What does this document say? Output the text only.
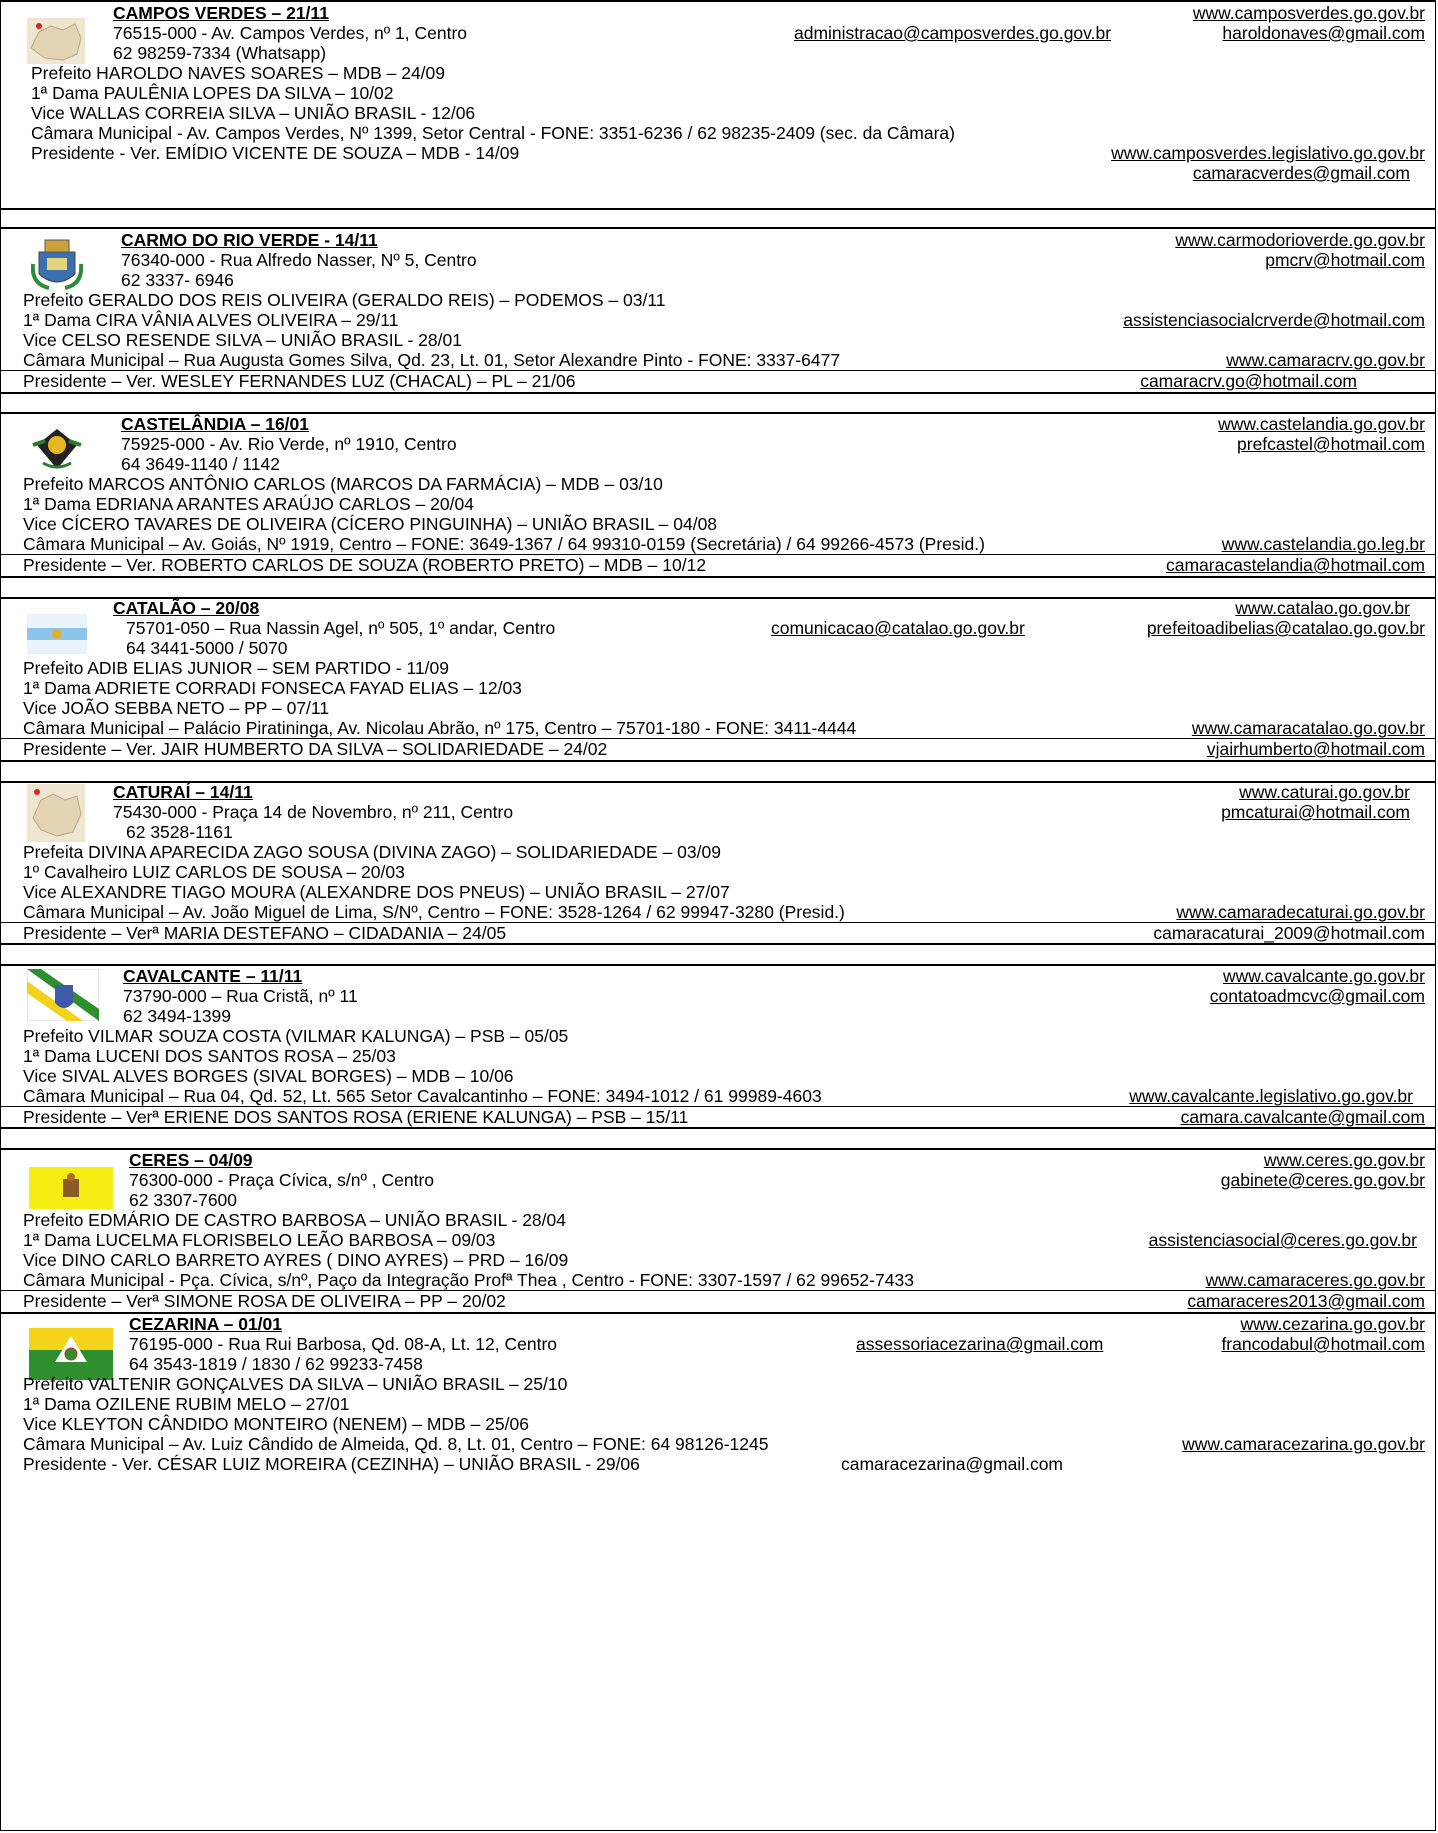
CAMPOS VERDES – 21/11	www.camposverdes.go.gov.br
76515-000 - Av. Campos Verdes, nº 1, Centro	administracao@camposverdes.go.gov.br	haroldonaves@gmail.com
62 98259-7334 (Whatsapp)
Prefeito HAROLDO NAVES SOARES – MDB – 24/09
1ª Dama PAULÊNIA LOPES DA SILVA – 10/02
Vice WALLAS CORREIA SILVA – UNIÃO BRASIL - 12/06
Câmara Municipal - Av. Campos Verdes, Nº 1399, Setor Central - FONE: 3351-6236 / 62 98235-2409 (sec. da Câmara)
Presidente - Ver. EMÍDIO VICENTE DE SOUZA – MDB - 14/09	www.camposverdes.legislativo.go.gov.br
camaracverdes@gmail.com
CARMO DO RIO VERDE - 14/11	www.carmodorioverde.go.gov.br
76340-000 - Rua Alfredo Nasser, Nº 5, Centro	pmcrv@hotmail.com
62 3337- 6946
Prefeito GERALDO DOS REIS OLIVEIRA (GERALDO REIS) – PODEMOS – 03/11
1ª Dama CIRA VÂNIA ALVES OLIVEIRA – 29/11	assistenciasocialcrverde@hotmail.com
Vice CELSO RESENDE SILVA – UNIÃO BRASIL - 28/01
Câmara Municipal – Rua Augusta Gomes Silva, Qd. 23, Lt. 01, Setor Alexandre Pinto - FONE: 3337-6477	www.camaracrv.go.gov.br
Presidente – Ver. WESLEY FERNANDES LUZ (CHACAL) – PL – 21/06	camaracrv.go@hotmail.com
CASTELÂNDIA – 16/01	www.castelandia.go.gov.br
75925-000 - Av. Rio Verde, nº 1910, Centro	prefcastel@hotmail.com
64 3649-1140 / 1142
Prefeito MARCOS ANTÔNIO CARLOS (MARCOS DA FARMÁCIA) – MDB – 03/10
1ª Dama EDRIANA ARANTES ARAÚJO CARLOS – 20/04
Vice CÍCERO TAVARES DE OLIVEIRA (CÍCERO PINGUINHA) – UNIÃO BRASIL – 04/08
Câmara Municipal – Av. Goiás, Nº 1919, Centro – FONE: 3649-1367 / 64 99310-0159 (Secretária) / 64 99266-4573 (Presid.)	www.castelandia.go.leg.br
Presidente – Ver. ROBERTO CARLOS DE SOUZA (ROBERTO PRETO) – MDB – 10/12	camaracastelandia@hotmail.com
CATALÃO – 20/08	www.catalao.go.gov.br
75701-050 – Rua Nassin Agel, nº 505, 1º andar, Centro	comunicacao@catalao.go.gov.br	prefeitoadibelias@catalao.go.gov.br
64 3441-5000 / 5070
Prefeito ADIB ELIAS JUNIOR – SEM PARTIDO - 11/09
1ª Dama ADRIETE CORRADI FONSECA FAYAD ELIAS – 12/03
Vice JOÃO SEBBA NETO – PP – 07/11
Câmara Municipal – Palácio Piratininga, Av. Nicolau Abrão, nº 175, Centro – 75701-180 - FONE: 3411-4444	www.camaracatalao.go.gov.br
Presidente – Ver. JAIR HUMBERTO DA SILVA – SOLIDARIEDADE – 24/02	vjairhumberto@hotmail.com
CATURAÍ – 14/11	www.caturai.go.gov.br
75430-000 - Praça 14 de Novembro, nº 211, Centro	pmcaturai@hotmail.com
62 3528-1161
Prefeita DIVINA APARECIDA ZAGO SOUSA (DIVINA ZAGO) – SOLIDARIEDADE – 03/09
1º Cavalheiro LUIZ CARLOS DE SOUSA – 20/03
Vice ALEXANDRE TIAGO MOURA (ALEXANDRE DOS PNEUS) – UNIÃO BRASIL – 27/07
Câmara Municipal – Av. João Miguel de Lima, S/Nº, Centro – FONE: 3528-1264 / 62 99947-3280 (Presid.)	www.camaradecaturai.go.gov.br
Presidente – Verª MARIA DESTEFANO – CIDADANIA – 24/05	camaracaturai_2009@hotmail.com
CAVALCANTE – 11/11	www.cavalcante.go.gov.br
73790-000 – Rua Cristã, nº 11	contatoadmcvc@gmail.com
62 3494-1399
Prefeito VILMAR SOUZA COSTA (VILMAR KALUNGA) – PSB – 05/05
1ª Dama LUCENI DOS SANTOS ROSA – 25/03
Vice SIVAL ALVES BORGES (SIVAL BORGES) – MDB – 10/06
Câmara Municipal – Rua 04, Qd. 52, Lt. 565 Setor Cavalcantinho – FONE: 3494-1012 / 61 99989-4603	www.cavalcante.legislativo.go.gov.br
Presidente – Verª ERIENE DOS SANTOS ROSA (ERIENE KALUNGA) – PSB – 15/11	camara.cavalcante@gmail.com
CERES – 04/09	www.ceres.go.gov.br
76300-000 - Praça Cívica, s/nº , Centro	gabinete@ceres.go.gov.br
62 3307-7600
Prefeito EDMÁRIO DE CASTRO BARBOSA – UNIÃO BRASIL - 28/04
1ª Dama LUCELMA FLORISBELO LEÃO BARBOSA – 09/03	assistenciasocial@ceres.go.gov.br
Vice DINO CARLO BARRETO AYRES ( DINO AYRES) – PRD – 16/09
Câmara Municipal - Pça. Cívica, s/nº, Paço da Integração Profª Thea , Centro - FONE: 3307-1597 / 62 99652-7433	www.camaraceres.go.gov.br
Presidente – Verª SIMONE ROSA DE OLIVEIRA – PP – 20/02	camaraceres2013@gmail.com
CEZARINA – 01/01	www.cezarina.go.gov.br
76195-000 - Rua Rui Barbosa, Qd. 08-A, Lt. 12, Centro	assessoriacezarina@gmail.com	francodabul@hotmail.com
64 3543-1819 / 1830 / 62 99233-7458
Prefeito VALTENIR GONÇALVES DA SILVA – UNIÃO BRASIL – 25/10
1ª Dama OZILENE RUBIM MELO – 27/01
Vice KLEYTON CÂNDIDO MONTEIRO (NENEM) – MDB – 25/06
Câmara Municipal – Av. Luiz Cândido de Almeida, Qd. 8, Lt. 01, Centro – FONE: 64 98126-1245	www.camaracezarina.go.gov.br
Presidente - Ver. CÉSAR LUIZ MOREIRA (CEZINHA) – UNIÃO BRASIL - 29/06	camaracezarina@gmail.com
